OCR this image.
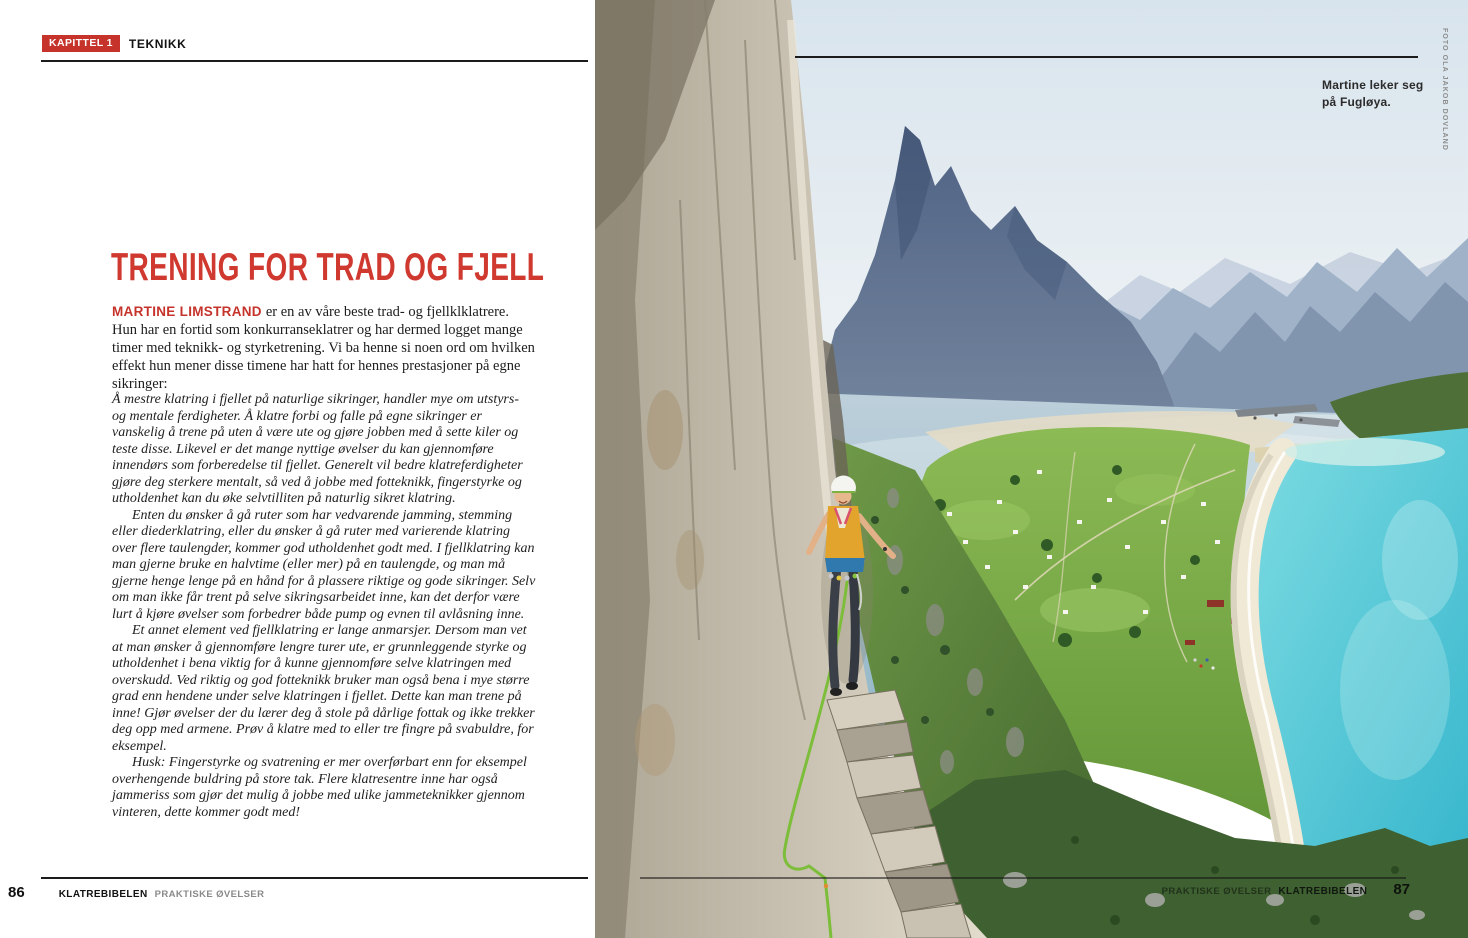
KAPITTEL 1	TEKNIKK
TRENING FOR TRAD OG FJELL

MARTINE LIMSTRAND er en av våre beste trad- og fjellklklatrere. Hun har en fortid som konkurranseklatrer og har dermed logget mange timer med teknikk- og styrketrening. Vi ba henne si noen ord om hvilken effekt hun mener disse timene har hatt for hennes prestasjoner på egne sikringer:

Å mestre klatring i fjellet på naturlige sikringer, handler mye om utstyrs- og mentale ferdigheter. Å klatre forbi og falle på egne sikringer er vanskelig å trene på uten å være ute og gjøre jobben med å sette kiler og teste disse. Likevel er det mange nyttige øvelser du kan gjennomføre innendørs som forberedelse til fjellet. Generelt vil bedre klatreferdigheter gjøre deg sterkere mentalt, så ved å jobbe med fotteknikk, fingerstyrke og utholdenhet kan du øke selvtilliten på naturlig sikret klatring.

Enten du ønsker å gå ruter som har vedvarende jamming, stemming eller diederklatring, eller du ønsker å gå ruter med varierende klatring over flere taulengder, kommer god utholdenhet godt med. I fjellklatring kan man gjerne bruke en halvtime (eller mer) på en taulengde, og man må gjerne henge lenge på en hånd for å plassere riktige og gode sikringer. Selv om man ikke får trent på selve sikringsarbeidet inne, kan det derfor være lurt å kjøre øvelser som forbedrer både pump og evnen til avlåsning inne.

Et annet element ved fjellklatring er lange anmarsjer. Dersom man vet at man ønsker å gjennomføre lengre turer ute, er grunnleggende styrke og utholdenhet i bena viktig for å kunne gjennomføre selve klatringen med overskudd. Ved riktig og god fotteknikk bruker man også bena i mye større grad enn hendene under selve klatringen i fjellet. Dette kan man trene på inne! Gjør øvelser der du lærer deg å stole på dårlige fottak og ikke trekker deg opp med armene. Prøv å klatre med to eller tre fingre på svabuldre, for eksempel.

Husk: Fingerstyrke og svatrening er mer overførbart enn for eksempel overhengende buldring på store tak. Flere klatresentre inne har også jammeriss som gjør det mulig å jobbe med ulike jammeteknikker gjennom vinteren, dette kommer godt med!

86	KLATREBIBELEN PRAKTISKE ØVELSER
Martine leker seg
på Fugløya.	FOTO OLA JAKOB DOVLAND
PRAKTISKE ØVELSER KLATREBIBELEN 87
